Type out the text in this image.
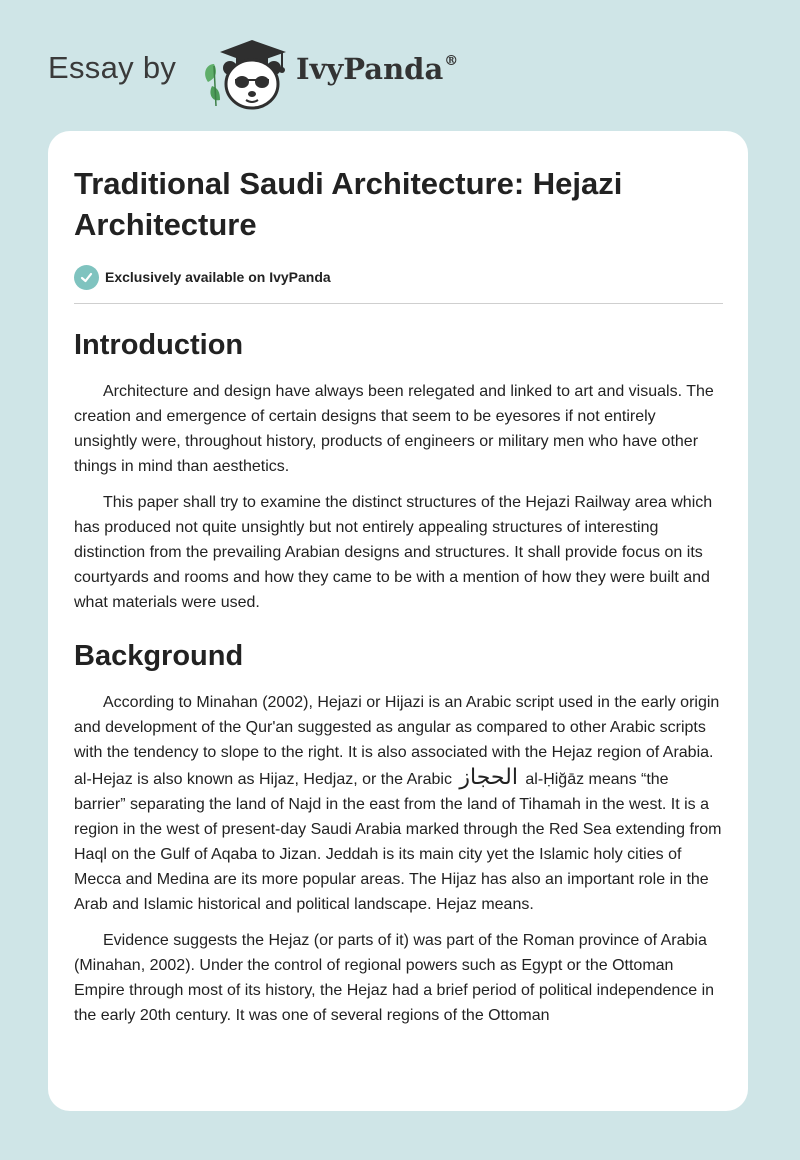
Essay by	IvyPanda®
Traditional Saudi Architecture: Hejazi Architecture
Exclusively available on IvyPanda
Introduction

Architecture and design have always been relegated and linked to art and visuals. The creation and emergence of certain designs that seem to be eyesores if not entirely unsightly were, throughout history, products of engineers or military men who have other things in mind than aesthetics.

This paper shall try to examine the distinct structures of the Hejazi Railway area which has produced not quite unsightly but not entirely appealing structures of interesting distinction from the prevailing Arabian designs and structures. It shall provide focus on its courtyards and rooms and how they came to be with a mention of how they were built and what materials were used.

Background

According to Minahan (2002), Hejazi or Hijazi is an Arabic script used in the early origin and development of the Qur'an suggested as angular as compared to other Arabic scripts with the tendency to slope to the right. It is also associated with the Hejaz region of Arabia. al-Hejaz is also known as Hijaz, Hedjaz, or the Arabic الحجاز al-Ḥiğāz means “the barrier” separating the land of Najd in the east from the land of Tihamah in the west. It is a region in the west of present-day Saudi Arabia marked through the Red Sea extending from Haql on the Gulf of Aqaba to Jizan. Jeddah is its main city yet the Islamic holy cities of Mecca and Medina are its more popular areas. The Hijaz has also an important role in the Arab and Islamic historical and political landscape. Hejaz means.

Evidence suggests the Hejaz (or parts of it) was part of the Roman province of Arabia (Minahan, 2002). Under the control of regional powers such as Egypt or the Ottoman Empire through most of its history, the Hejaz had a brief period of political independence in the early 20th century. It was one of several regions of the Ottoman
